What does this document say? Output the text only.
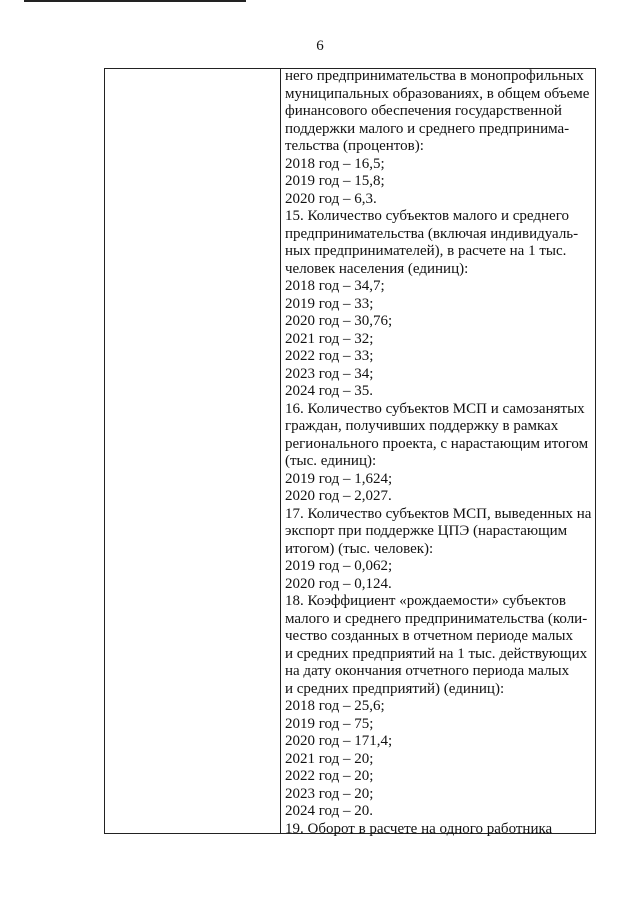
6
него предпринимательства в монопрофильных
муниципальных образованиях, в общем объеме
финансового обеспечения государственной
поддержки малого и среднего предпринима-
тельства (процентов):
2018 год – 16,5;
2019 год – 15,8;
2020 год – 6,3.
15. Количество субъектов малого и среднего
предпринимательства (включая индивидуаль-
ных предпринимателей), в расчете на 1 тыс.
человек населения (единиц):
2018 год – 34,7;
2019 год – 33;
2020 год – 30,76;
2021 год – 32;
2022 год – 33;
2023 год – 34;
2024 год – 35.
16. Количество субъектов МСП и самозанятых
граждан, получивших поддержку в рамках
регионального проекта, с нарастающим итогом
(тыс. единиц):
2019 год – 1,624;
2020 год – 2,027.
17. Количество субъектов МСП, выведенных на
экспорт при поддержке ЦПЭ (нарастающим
итогом) (тыс. человек):
2019 год – 0,062;
2020 год – 0,124.
18. Коэффициент «рождаемости» субъектов
малого и среднего предпринимательства (коли-
чество созданных в отчетном периоде малых
и средних предприятий на 1 тыс. действующих
на дату окончания отчетного периода малых
и средних предприятий) (единиц):
2018 год – 25,6;
2019 год – 75;
2020 год – 171,4;
2021 год – 20;
2022 год – 20;
2023 год – 20;
2024 год – 20.
19. Оборот в расчете на одного работника
